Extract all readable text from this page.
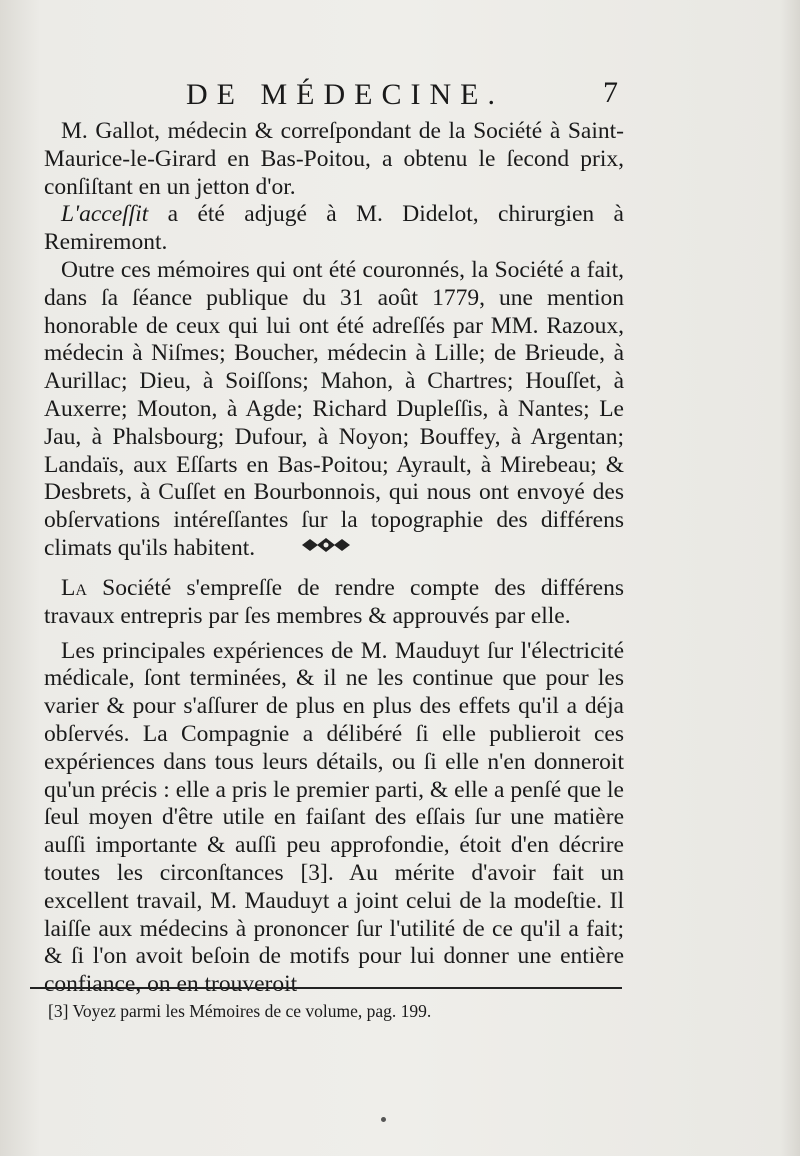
DE MÉDECINE.	7

M. Gallot, médecin & correſpondant de la Société à Saint-Maurice-le-Girard en Bas-Poitou, a obtenu le ſecond prix, conſiſtant en un jetton d'or.

L'acceſſit a été adjugé à M. Didelot, chirurgien à Remiremont.

Outre ces mémoires qui ont été couronnés, la Société a fait, dans ſa ſéance publique du 31 août 1779, une mention honorable de ceux qui lui ont été adreſſés par MM. Razoux, médecin à Niſmes; Boucher, médecin à Lille; de Brieude, à Aurillac; Dieu, à Soiſſons; Mahon, à Chartres; Houſſet, à Auxerre; Mouton, à Agde; Richard Dupleſſis, à Nantes; Le Jau, à Phalsbourg; Dufour, à Noyon; Bouffey, à Argentan; Landaïs, aux Eſſarts en Bas-Poitou; Ayrault, à Mirebeau; & Desbrets, à Cuſſet en Bourbonnois, qui nous ont envoyé des obſervations intéreſſantes ſur la topographie des différens climats qu'ils habitent.

La Société s'empreſſe de rendre compte des différens travaux entrepris par ſes membres & approuvés par elle.

Les principales expériences de M. Mauduyt ſur l'électricité médicale, ſont terminées, & il ne les continue que pour les varier & pour s'aſſurer de plus en plus des effets qu'il a déja obſervés. La Compagnie a délibéré ſi elle publieroit ces expériences dans tous leurs détails, ou ſi elle n'en donneroit qu'un précis : elle a pris le premier parti, & elle a penſé que le ſeul moyen d'être utile en faiſant des eſſais ſur une matière auſſi importante & auſſi peu approfondie, étoit d'en décrire toutes les circonſtances [3]. Au mérite d'avoir fait un excellent travail, M. Mauduyt a joint celui de la modeſtie. Il laiſſe aux médecins à prononcer ſur l'utilité de ce qu'il a fait; & ſi l'on avoit beſoin de motifs pour lui donner une entière confiance, on en trouveroit

[3] Voyez parmi les Mémoires de ce volume, pag. 199.
